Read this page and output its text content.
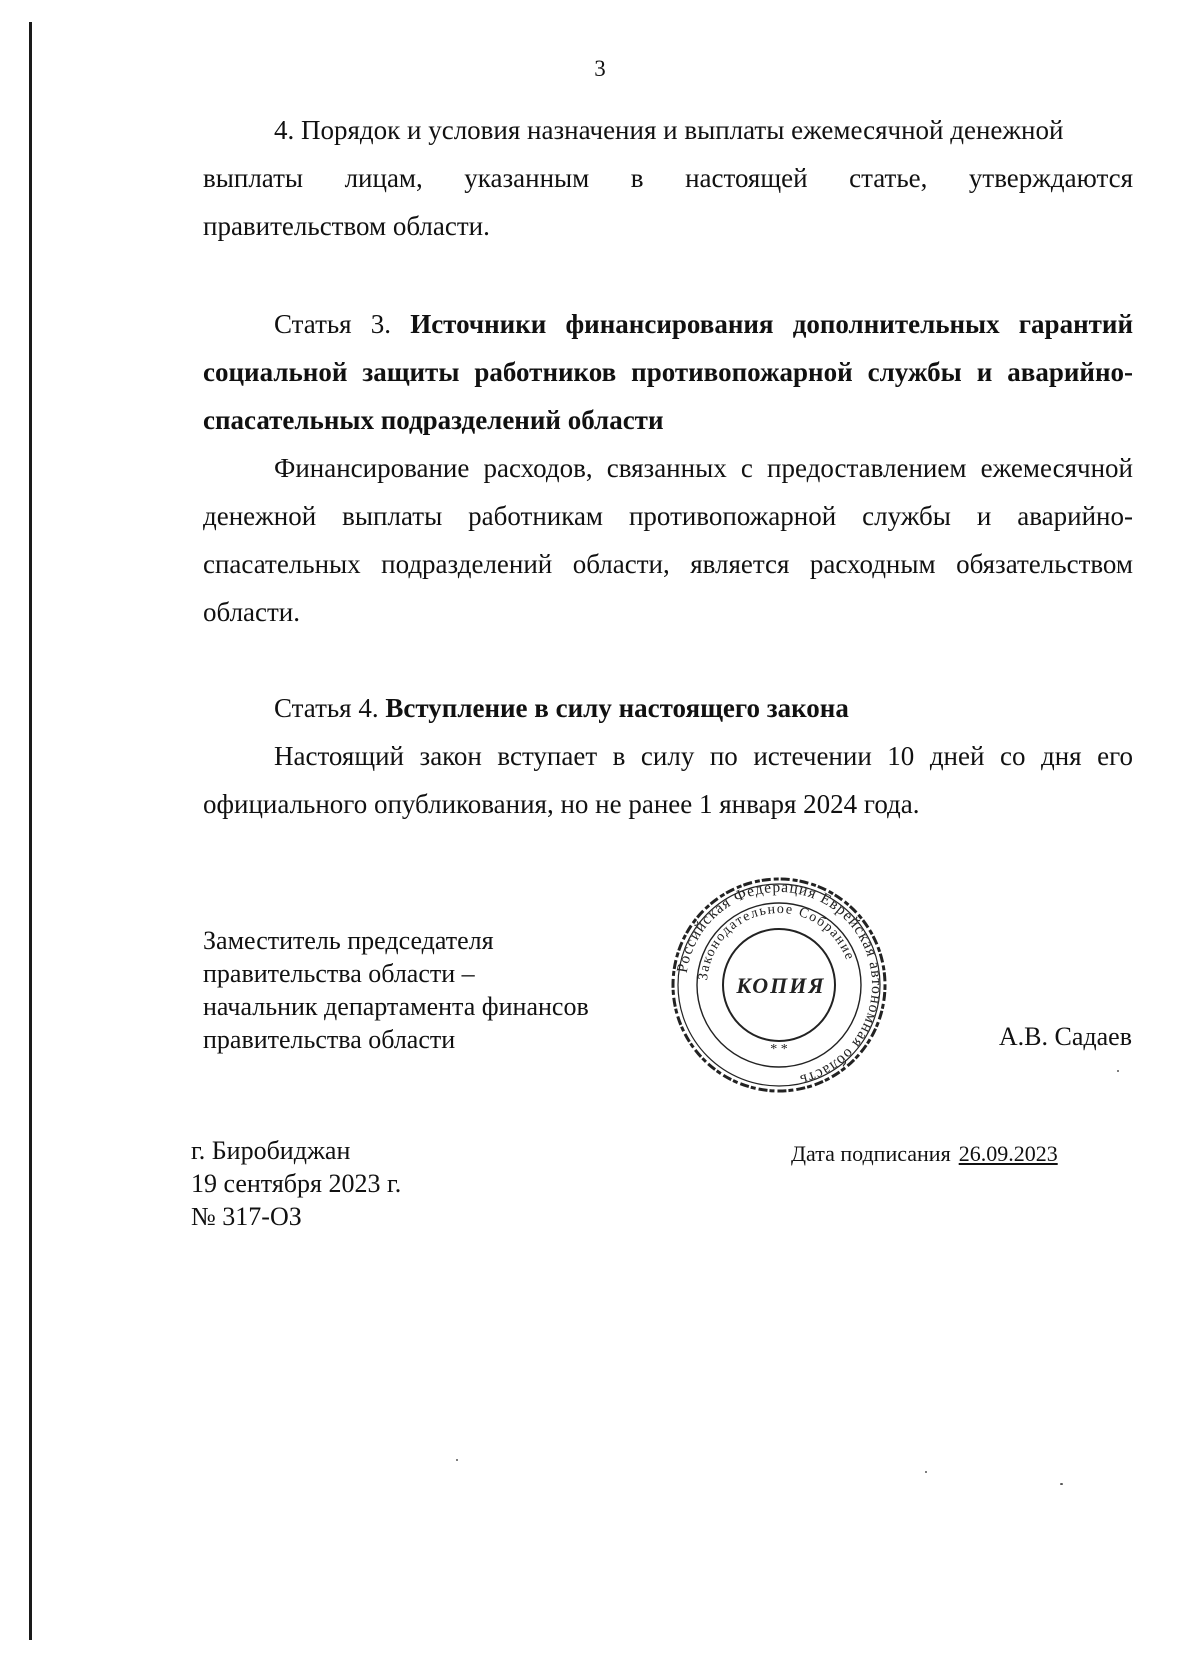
3

4. Порядок и условия назначения и выплаты ежемесячной денежной

выплаты лицам, указанным в настоящей статье, утверждаются

правительством области.

Статья 3. Источники финансирования дополнительных гарантий социальной защиты работников противопожарной службы и аварийно-спасательных подразделений области

Финансирование расходов, связанных с предоставлением ежемесячной денежной выплаты работникам противопожарной службы и аварийно-спасательных подразделений области, является расходным обязательством области.

Статья 4. Вступление в силу настоящего закона

Настоящий закон вступает в силу по истечении 10 дней со дня его официального опубликования, но не ранее 1 января 2024 года.

Заместитель председателя
правительства области –
начальник департамента финансов
правительства области
Российская Федерация Еврейская автономная область
Законодательное Собрание
КОПИЯ
* *	А.В. Садаев
г. Биробиджан
19 сентября 2023 г.
№ 317-ОЗ
Дата подписания 26.09.2023
